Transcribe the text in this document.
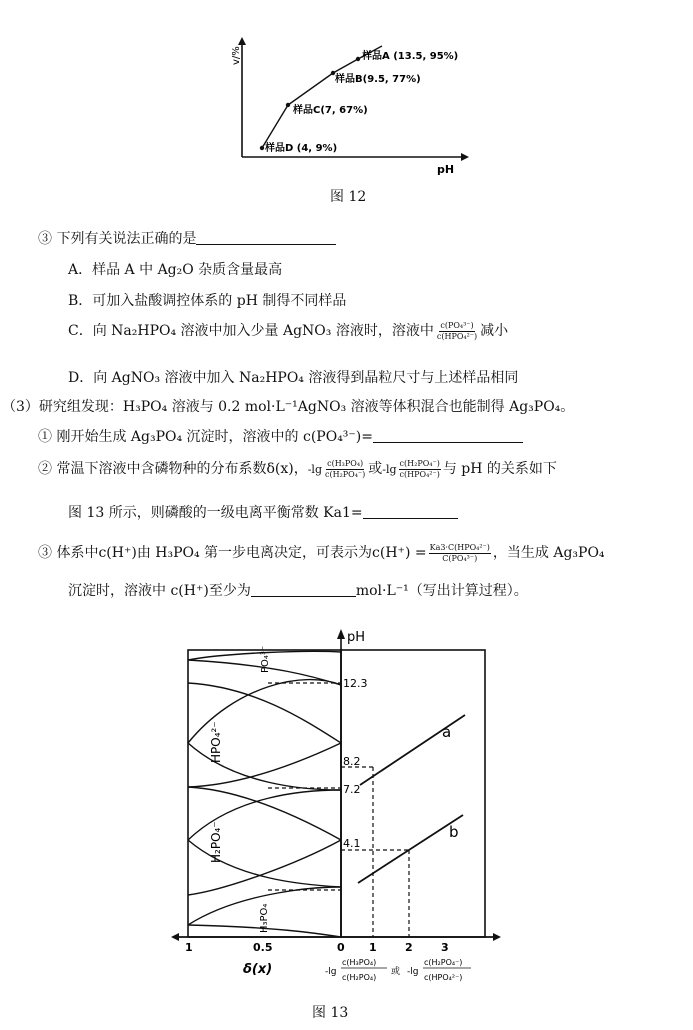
v/%
pH
样品A (13.5, 95%)
样品B(9.5, 77%)
样品C(7, 67%)
样品D (4, 9%)
图 12
③ 下列有关说法正确的是
A．样品 A 中 Ag₂O 杂质含量最高
B．可加入盐酸调控体系的 pH 制得不同样品
C．向 Na₂HPO₄ 溶液中加入少量 AgNO₃ 溶液时，溶液中 $\frac{\text{c(PO₄³⁻)}}{\text{c(HPO₄²⁻)}}$ 减小
D．向 AgNO₃ 溶液中加入 Na₂HPO₄ 溶液得到晶粒尺寸与上述样品相同
（3）研究组发现：H₃PO₄ 溶液与 0.2 mol·L⁻¹AgNO₃ 溶液等体积混合也能制得 Ag₃PO₄。
① 刚开始生成 Ag₃PO₄ 沉淀时，溶液中的 c(PO₄³⁻)=
② 常温下溶液中含磷物种的分布系数δ(x)，$-\lg \frac{\text{c(H₃PO₄)}}{\text{c(H₂PO₄⁻)}}$ 或$-\lg \frac{\text{c(H₂PO₄⁻)}}{\text{c(HPO₄²⁻)}}$ 与 pH 的关系如下
图 13 所示，则磷酸的一级电离平衡常数 Ka1=
③ 体系中c(H⁺)由 H₃PO₄ 第一步电离决定，可表示为$c(H^+) = \frac{\text{Ka3·C(HPO₄²⁻)}}{\text{C(PO₄³⁻)}}$ ，当生成 Ag₃PO₄
沉淀时，溶液中 c(H⁺)至少为	mol·L⁻¹（写出计算过程）。
PO₄³⁻
HPO₄²⁻
H₂PO₄⁻
H₃PO₄
a
b
pH
12.3
8.2
7.2
4.1
1	0.5	0 1	2	3
δ(x)	-lg
c(H₃PO₄)
c(H₂PO₄)
或 -lg
c(H₂PO₄⁻)
c(HPO₄²⁻)
图 13
